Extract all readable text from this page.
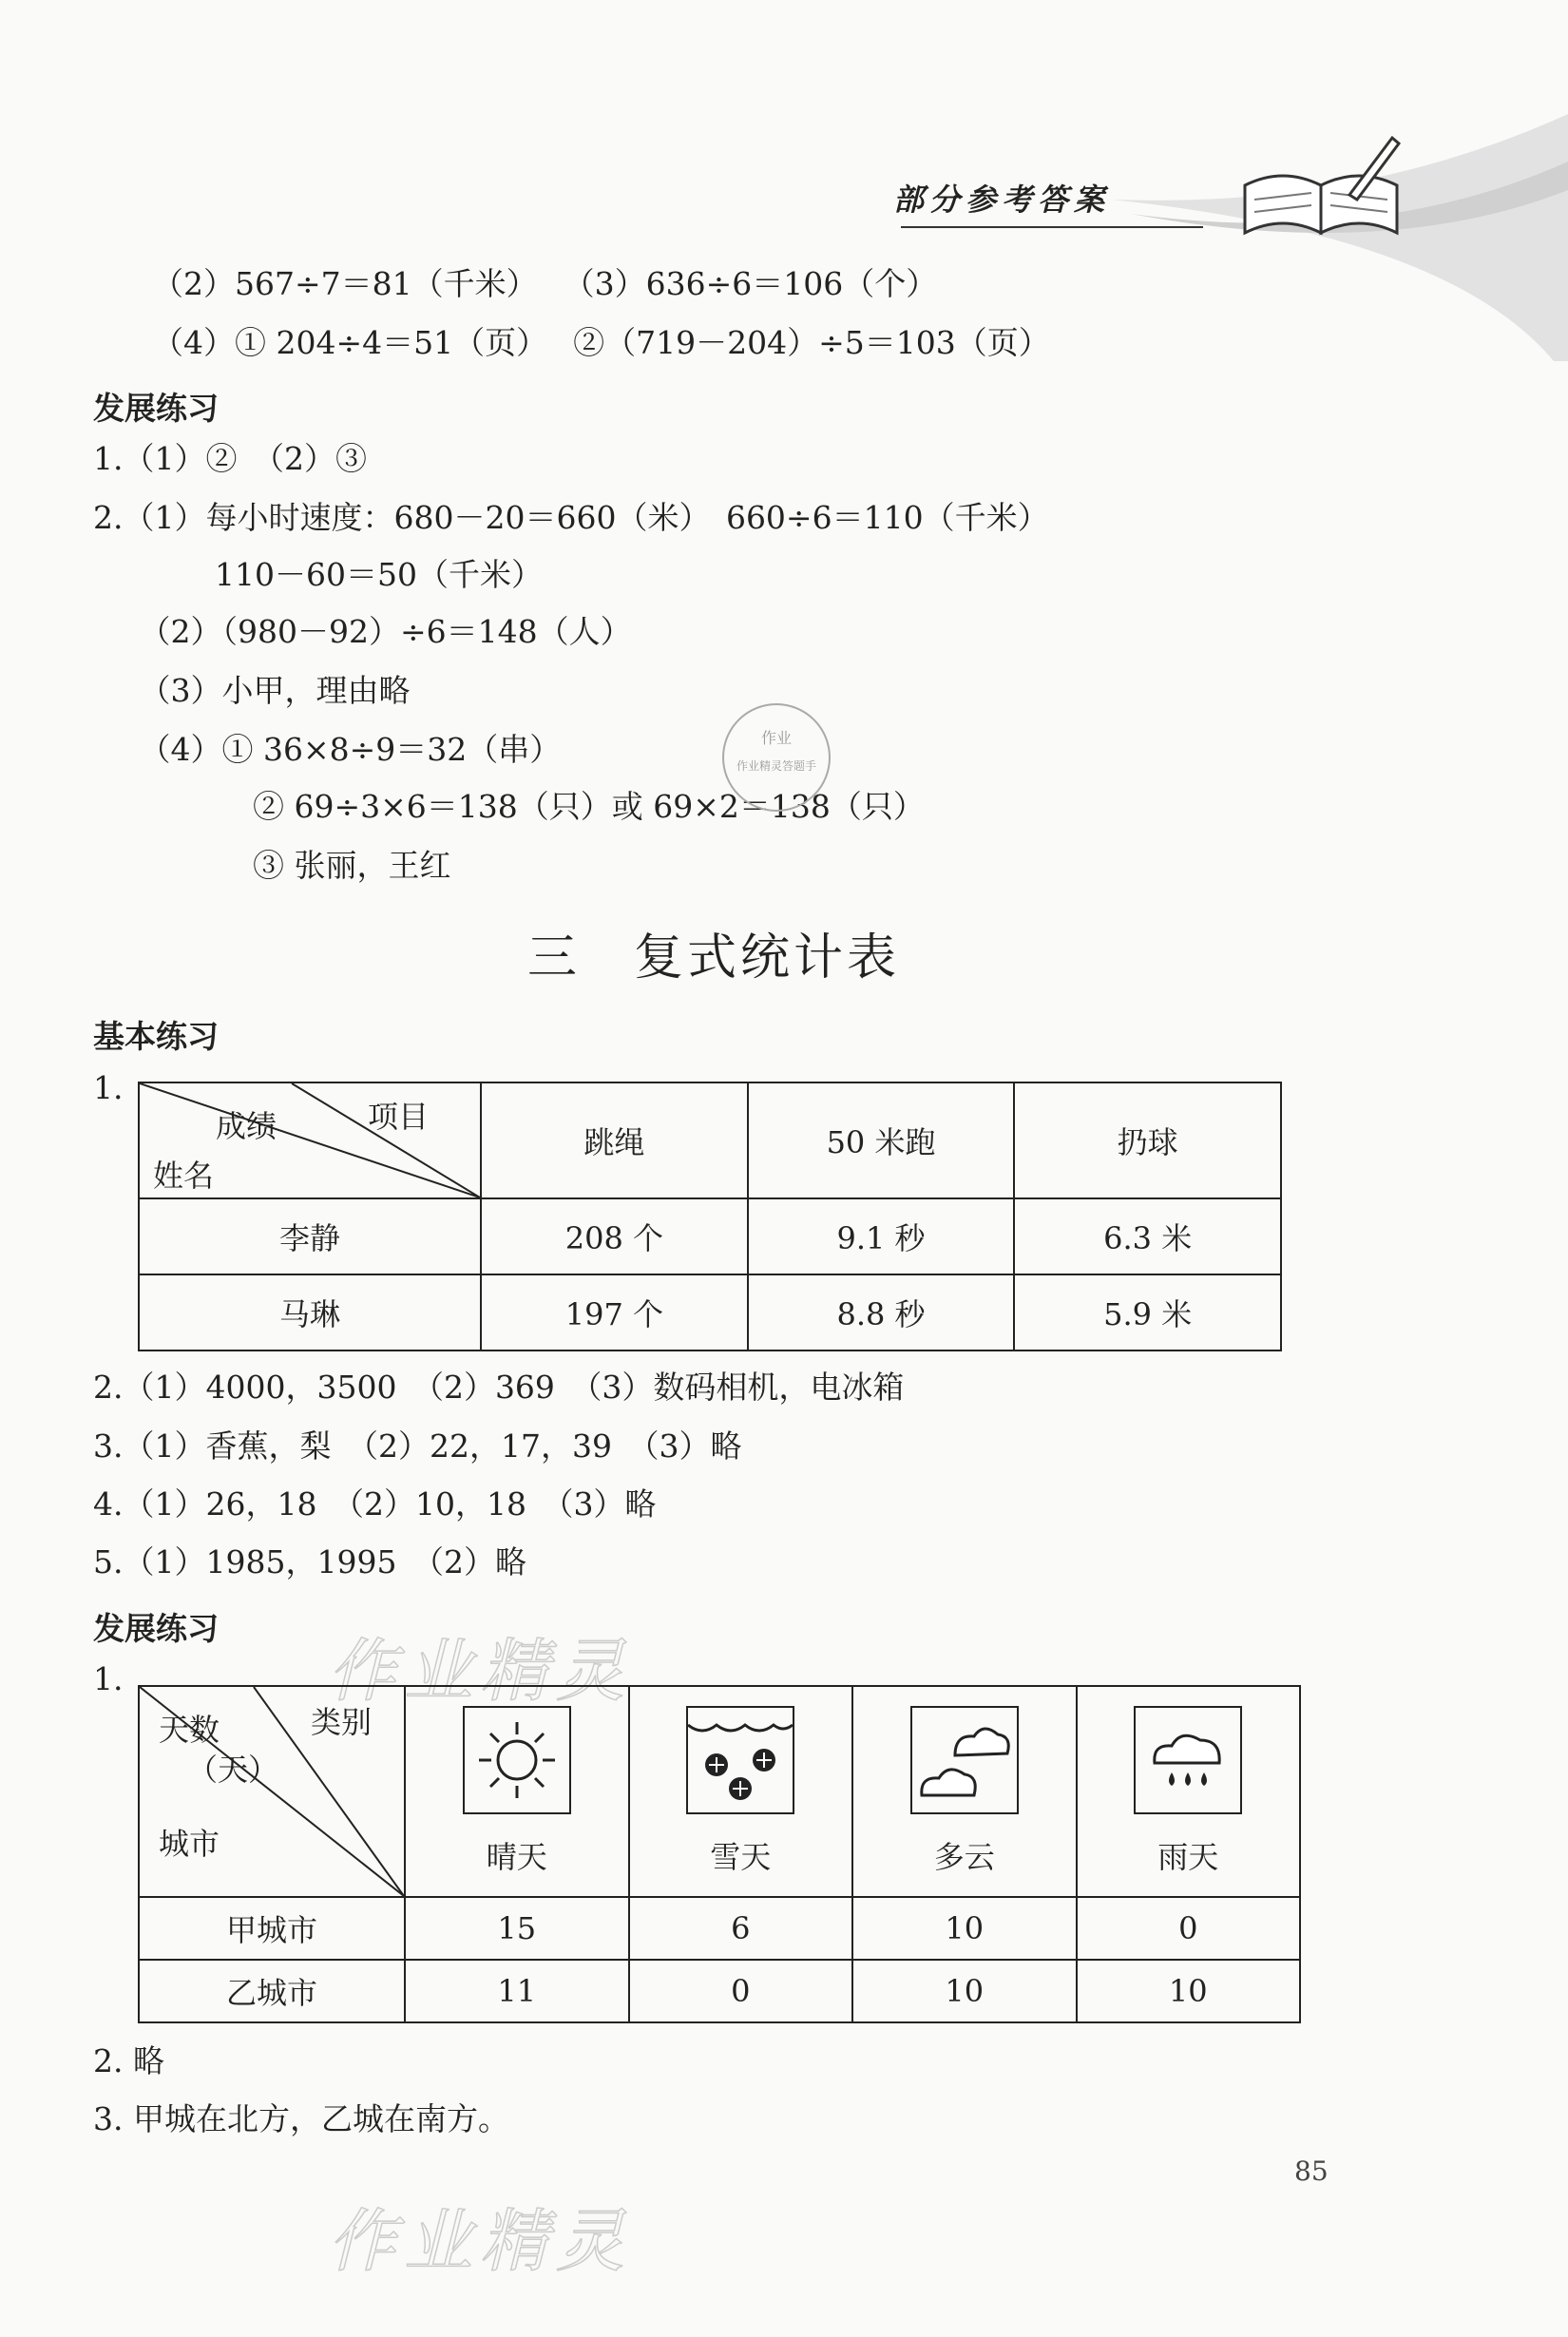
部分参考答案
（2）567÷7＝81（千米）　 （3）636÷6＝106（个）
（4）① 204÷4＝51（页）　 ②（719－204）÷5＝103（页）
发展练习
1.（1）②　（2）③
2.（1）每小时速度：680－20＝660（米）　660÷6＝110（千米）
　　110－60＝50（千米）
　（2）（980－92）÷6＝148（人）
　（3）小甲，理由略
　（4）① 36×8÷9＝32（串）
　　② 69÷3×6＝138（只）或 69×2＝138（只）
　　③ 张丽，王红
作业
作业精灵答题手
三　复式统计表
基本练习
1.
项目
成绩
姓名	跳绳	50 米跑	扔球
李静	208 个	9.1 秒	6.3 米
马琳	197 个	8.8 秒	5.9 米
2.（1）4000，3500　（2）369　（3）数码相机，电冰箱
3.（1）香蕉，梨　（2）22，17，39　（3）略
4.（1）26，18　（2）10，18　（3）略
5.（1）1985，1995　（2）略
发展练习
作业精灵
1.
类别
天数
（天）
城市	晴天	雪天	多云	雨天

甲城市	15	6	10	0
乙城市	11	0	10	10
2. 略
3. 甲城在北方，乙城在南方。
85
作业精灵
